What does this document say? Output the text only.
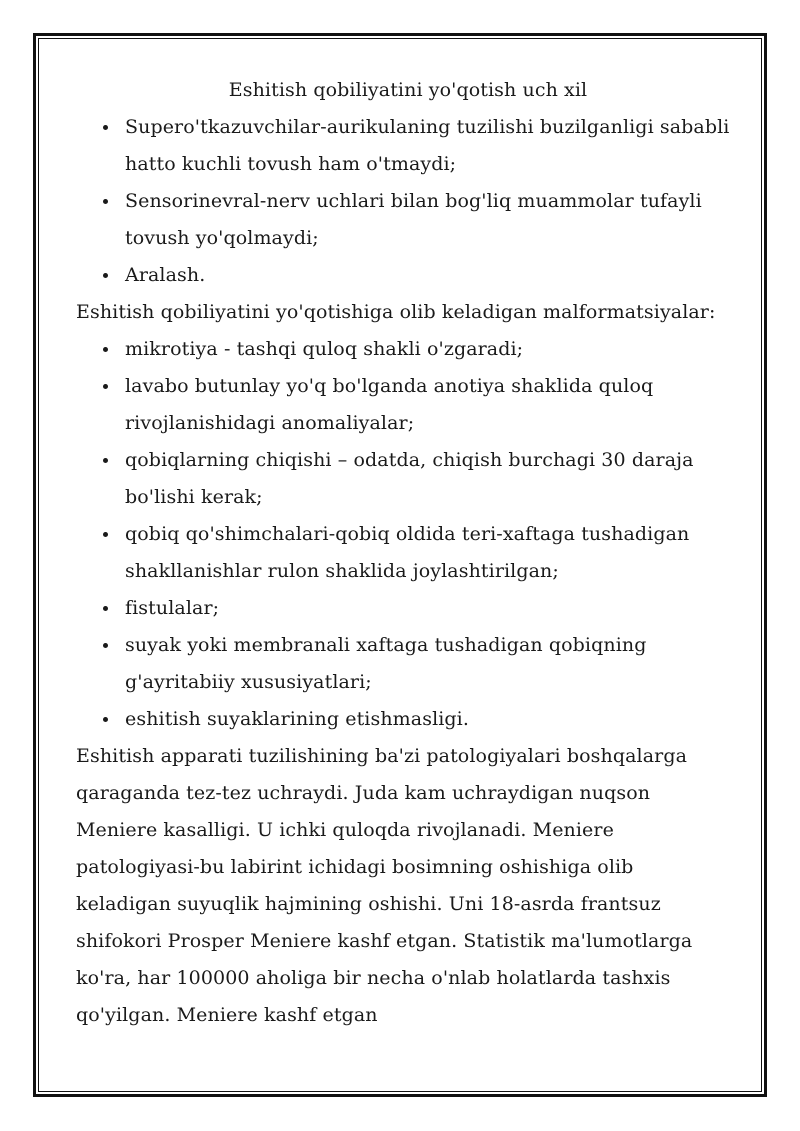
Eshitish qobiliyatini yo'qotish uch xil

Supero'tkazuvchilar-aurikulaning tuzilishi buzilganligi sababli hatto kuchli tovush ham o'tmaydi;
Sensorinevral-nerv uchlari bilan bog'liq muammolar tufayli tovush yo'qolmaydi;
Aralash.

Eshitish qobiliyatini yo'qotishiga olib keladigan malformatsiyalar:

mikrotiya - tashqi quloq shakli o'zgaradi;
lavabo butunlay yo'q bo'lganda anotiya shaklida quloq rivojlanishidagi anomaliyalar;
qobiqlarning chiqishi – odatda, chiqish burchagi 30 daraja bo'lishi kerak;
qobiq qo'shimchalari-qobiq oldida teri-xaftaga tushadigan shakllanishlar rulon shaklida joylashtirilgan;
fistulalar;
suyak yoki membranali xaftaga tushadigan qobiqning g'ayritabiiy xususiyatlari;
eshitish suyaklarining etishmasligi.

Eshitish apparati tuzilishining ba'zi patologiyalari boshqalarga qaraganda tez-tez uchraydi. Juda kam uchraydigan nuqson Meniere kasalligi. U ichki quloqda rivojlanadi. Meniere patologiyasi-bu labirint ichidagi bosimning oshishiga olib keladigan suyuqlik hajmining oshishi. Uni 18-asrda frantsuz shifokori Prosper Meniere kashf etgan. Statistik ma'lumotlarga ko'ra, har 100000 aholiga bir necha o'nlab holatlarda tashxis qo'yilgan. Meniere kashf etgan
